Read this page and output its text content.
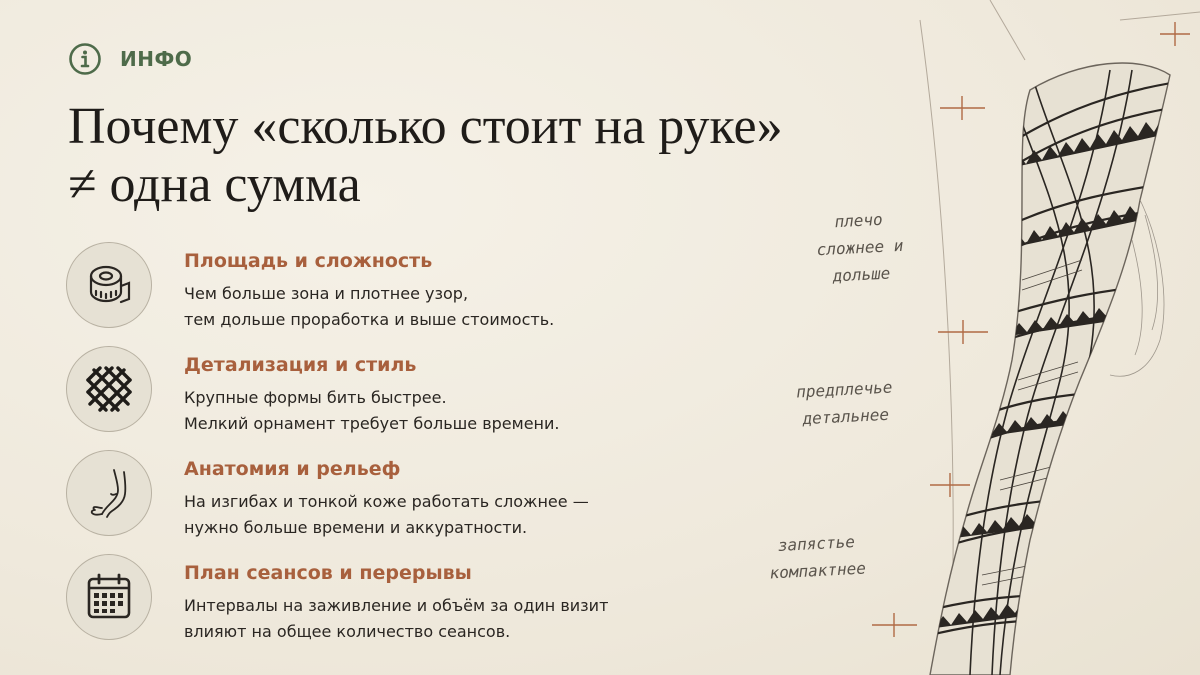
ИНФО
Почему «сколько стоит на руке»
≠ одна сумма
Площадь и сложность
Чем больше зона и плотнее узор,
тем дольше проработка и выше стоимость.
Детализация и стиль
Крупные формы бить быстрее.
Мелкий орнамент требует больше времени.
Анатомия и рельеф
На изгибах и тонкой коже работать сложнее —
нужно больше времени и аккуратности.
План сеансов и перерывы
Интервалы на заживление и объём за один визит
влияют на общее количество сеансов.
плечо
сложнее и
дольше
предплечье
детальнее
запястье
компактнее
